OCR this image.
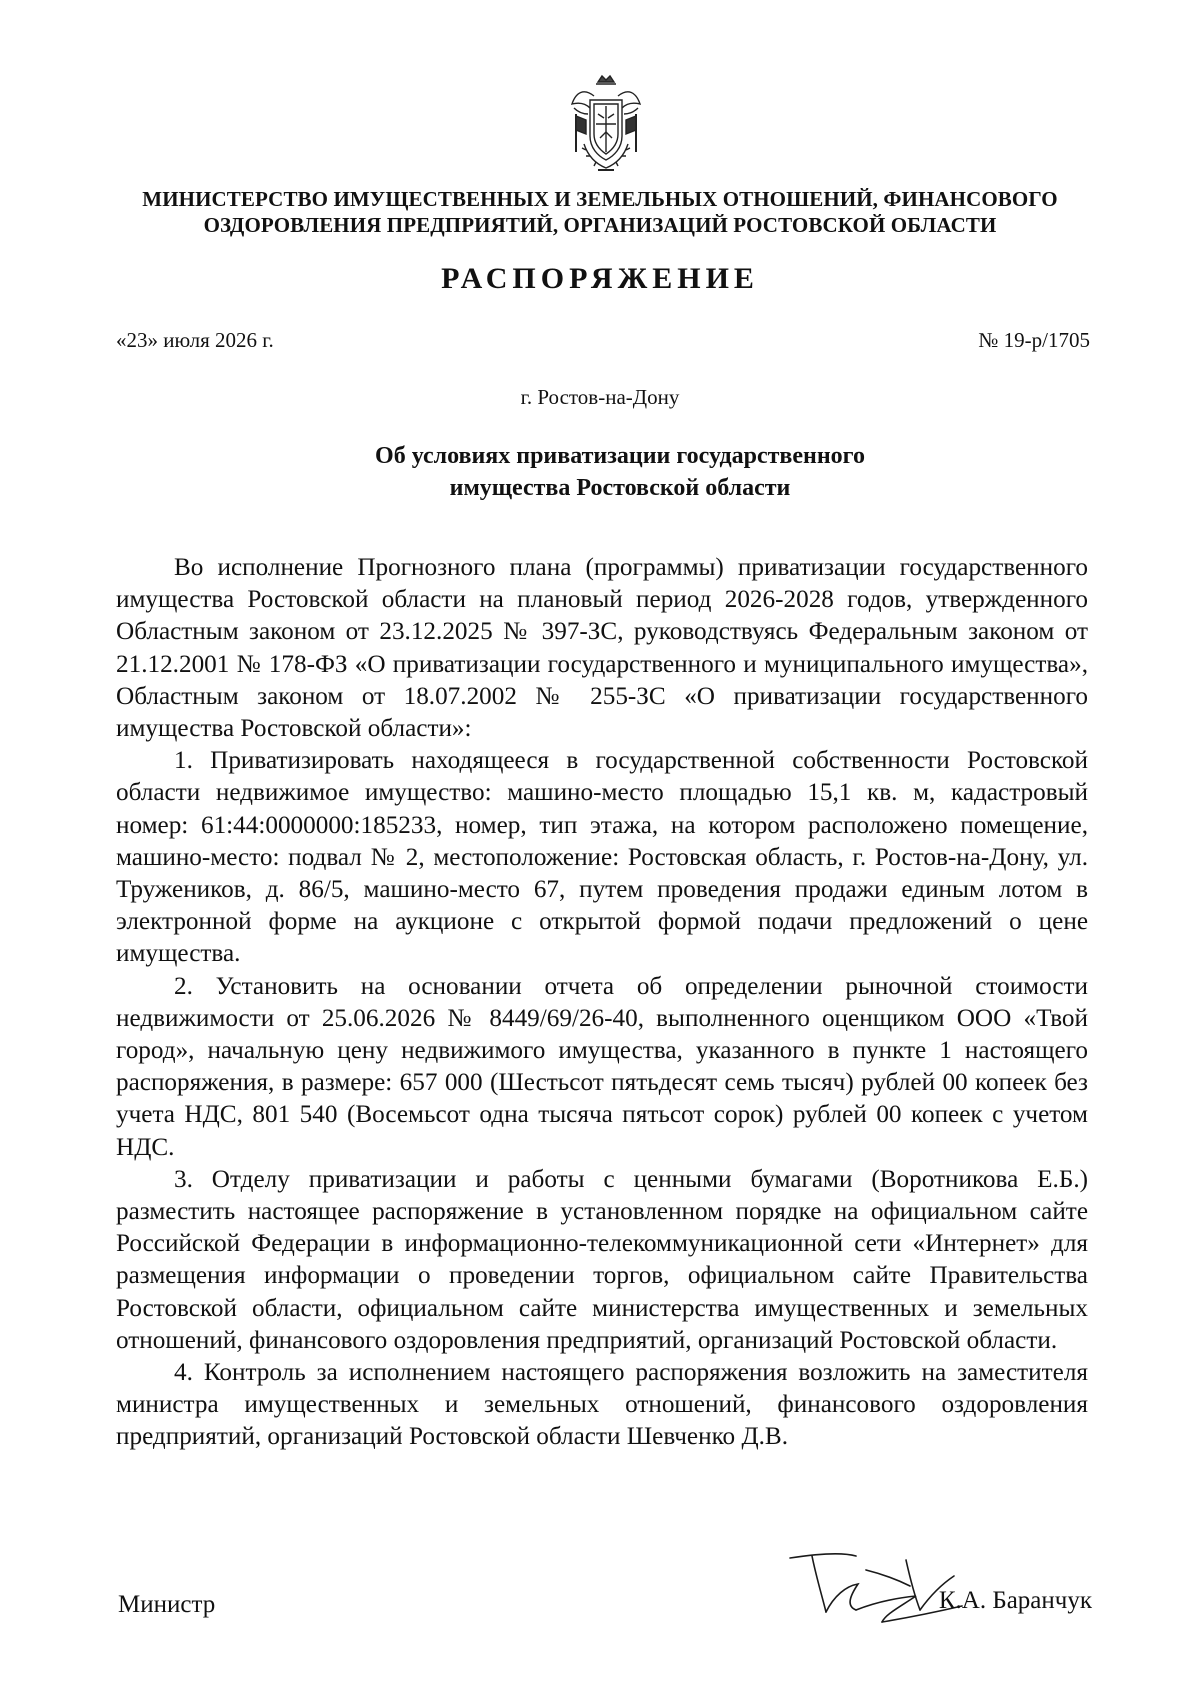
МИНИСТЕРСТВО ИМУЩЕСТВЕННЫХ И ЗЕМЕЛЬНЫХ ОТНОШЕНИЙ, ФИНАНСОВОГО
ОЗДОРОВЛЕНИЯ ПРЕДПРИЯТИЙ, ОРГАНИЗАЦИЙ РОСТОВСКОЙ ОБЛАСТИ
РАСПОРЯЖЕНИЕ
«23» июля 2026 г.	№ 19-р/1705
г. Ростов-на-Дону
Об условиях приватизации государственного
имущества Ростовской области

Во исполнение Прогнозного плана (программы) приватизации государственного имущества Ростовской области на плановый период 2026-2028 годов, утвержденного Областным законом от 23.12.2025 № 397-ЗС, руководствуясь Федеральным законом от 21.12.2001 № 178-ФЗ «О приватизации государственного и муниципального имущества», Областным законом от 18.07.2002 № 255-ЗС «О приватизации государственного имущества Ростовской области»:

1. Приватизировать находящееся в государственной собственности Ростовской области недвижимое имущество: машино-место площадью 15,1 кв. м, кадастровый номер: 61:44:0000000:185233, номер, тип этажа, на котором расположено помещение, машино-место: подвал № 2, местоположение: Ростовская область, г. Ростов-на-Дону, ул. Тружеников, д. 86/5, машино-место 67, путем проведения продажи единым лотом в электронной форме на аукционе с открытой формой подачи предложений о цене имущества.

2. Установить на основании отчета об определении рыночной стоимости недвижимости от 25.06.2026 № 8449/69/26-40, выполненного оценщиком ООО «Твой город», начальную цену недвижимого имущества, указанного в пункте 1 настоящего распоряжения, в размере: 657 000 (Шестьсот пятьдесят семь тысяч) рублей 00 копеек без учета НДС, 801 540 (Восемьсот одна тысяча пятьсот сорок) рублей 00 копеек с учетом НДС.

3. Отделу приватизации и работы с ценными бумагами (Воротникова Е.Б.) разместить настоящее распоряжение в установленном порядке на официальном сайте Российской Федерации в информационно-телекоммуникационной сети «Интернет» для размещения информации о проведении торгов, официальном сайте Правительства Ростовской области, официальном сайте министерства имущественных и земельных отношений, финансового оздоровления предприятий, организаций Ростовской области.

4. Контроль за исполнением настоящего распоряжения возложить на заместителя министра имущественных и земельных отношений, финансового оздоровления предприятий, организаций Ростовской области Шевченко Д.В.

Министр	К.А. Баранчук
